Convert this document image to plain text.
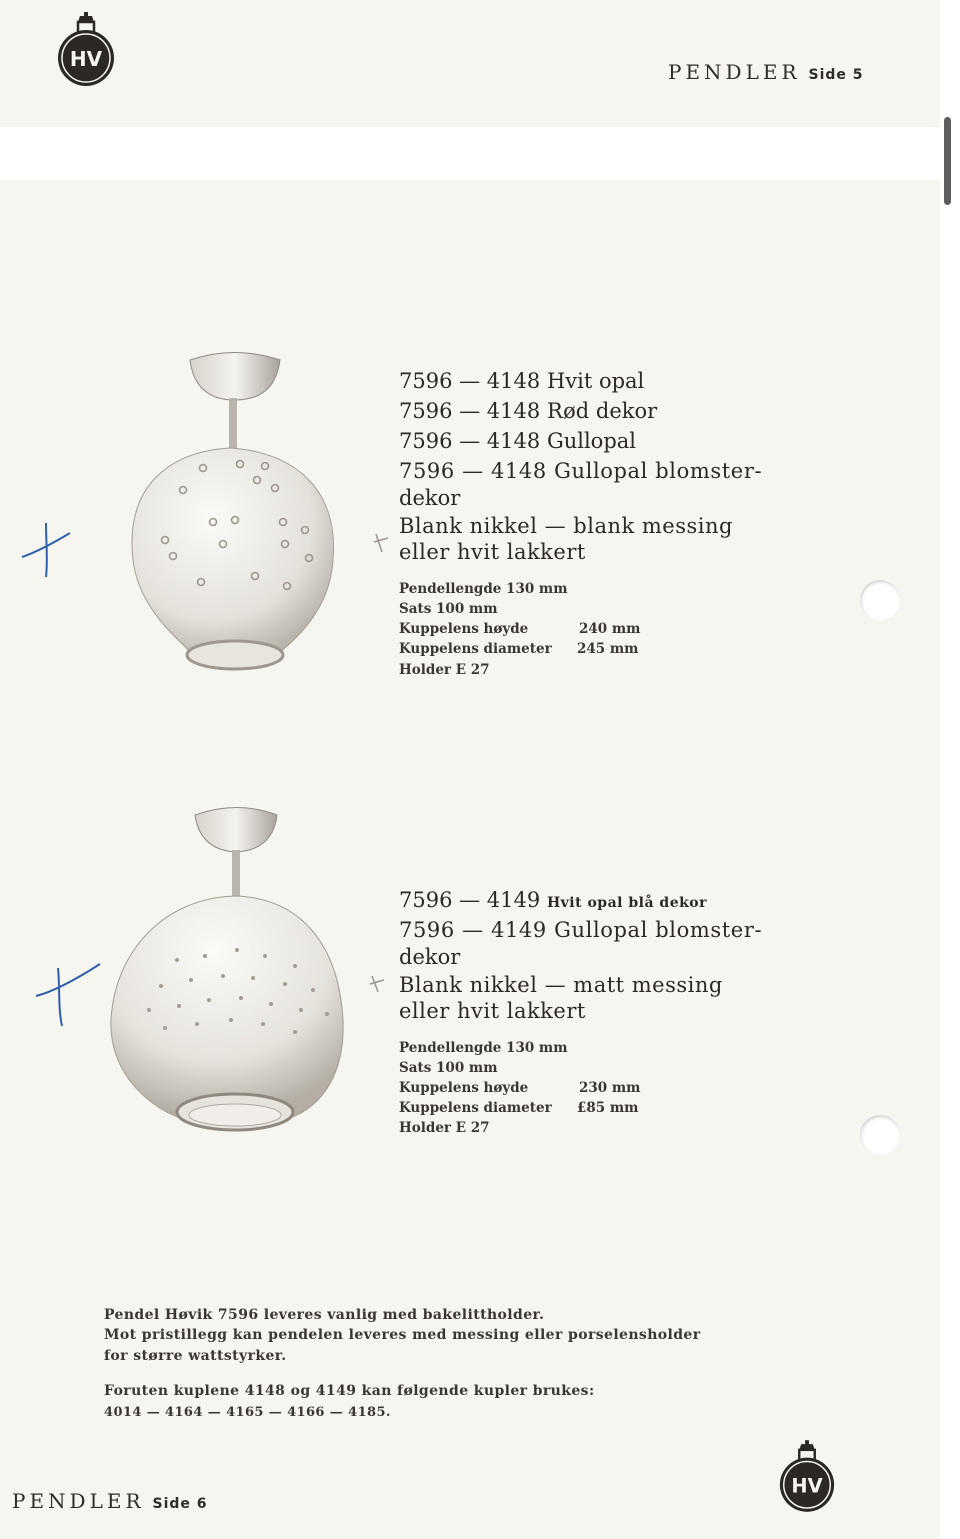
HV
PENDLER Side 5
7596 — 4148 Hvit opal
7596 — 4148 Rød dekor
7596 — 4148 Gullopal
7596 — 4148 Gullopal blomster-
dekor
Blank nikkel — blank messing
eller hvit lakkert
Pendellengde 130 mm
Sats 100 mm
Kuppelens høyde	240 mm
Kuppelens diameter 245 mm
Holder E 27
7596 — 4149 Hvit opal blå dekor
7596 — 4149 Gullopal blomster-
dekor
Blank nikkel — matt messing
eller hvit lakkert
Pendellengde 130 mm
Sats 100 mm
Kuppelens høyde	230 mm
Kuppelens diameter £85 mm
Holder E 27
Pendel Høvik 7596 leveres vanlig med bakelittholder.
Mot pristillegg kan pendelen leveres med messing eller porselensholder
for større wattstyrker.
Foruten kuplene 4148 og 4149 kan følgende kupler brukes:
4014 — 4164 — 4165 — 4166 — 4185.
PENDLER Side 6
HV
